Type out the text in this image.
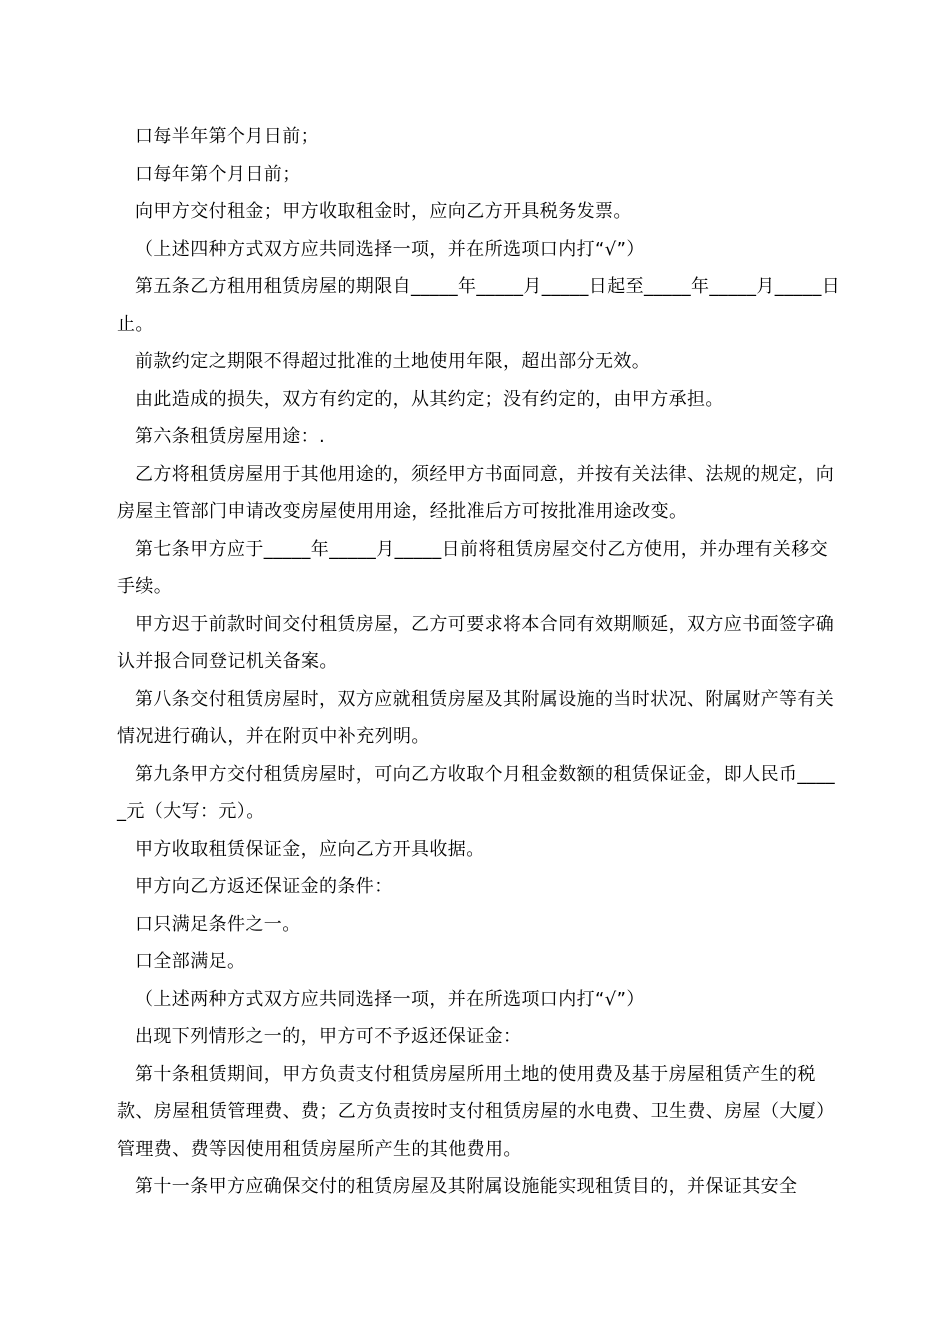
口每半年第个月日前；

口每年第个月日前；

向甲方交付租金；甲方收取租金时，应向乙方开具税务发票。

（上述四种方式双方应共同选择一项，并在所选项口内打“√”）

第五条乙方租用租赁房屋的期限自_____年_____月_____日起至_____年_____月_____日止。

前款约定之期限不得超过批准的土地使用年限，超出部分无效。

由此造成的损失，双方有约定的，从其约定；没有约定的，由甲方承担。

第六条租赁房屋用途：.

乙方将租赁房屋用于其他用途的，须经甲方书面同意，并按有关法律、法规的规定，向房屋主管部门申请改变房屋使用用途，经批准后方可按批准用途改变。

第七条甲方应于_____年_____月_____日前将租赁房屋交付乙方使用，并办理有关移交手续。

甲方迟于前款时间交付租赁房屋，乙方可要求将本合同有效期顺延，双方应书面签字确认并报合同登记机关备案。

第八条交付租赁房屋时，双方应就租赁房屋及其附属设施的当时状况、附属财产等有关情况进行确认，并在附页中补充列明。

第九条甲方交付租赁房屋时，可向乙方收取个月租金数额的租赁保证金，即人民币_____元（大写：元）。

甲方收取租赁保证金，应向乙方开具收据。

甲方向乙方返还保证金的条件：

口只满足条件之一。

口全部满足。

（上述两种方式双方应共同选择一项，并在所选项口内打“√”）

出现下列情形之一的，甲方可不予返还保证金：

第十条租赁期间，甲方负责支付租赁房屋所用土地的使用费及基于房屋租赁产生的税款、房屋租赁管理费、费；乙方负责按时支付租赁房屋的水电费、卫生费、房屋（大厦）管理费、费等因使用租赁房屋所产生的其他费用。

第十一条甲方应确保交付的租赁房屋及其附属设施能实现租赁目的，并保证其安全
